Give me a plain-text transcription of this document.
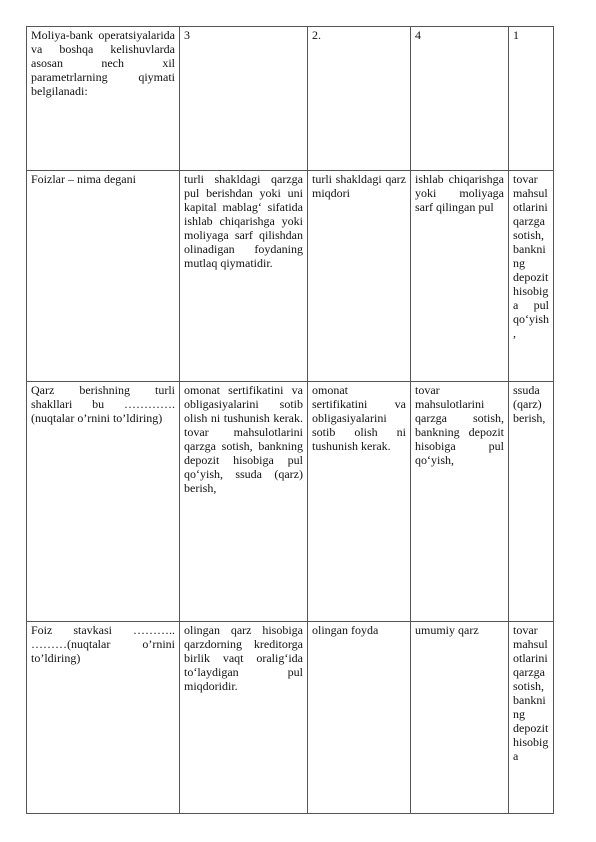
Moliya-bank operatsiyalarida va boshqa kelishuvlarda asosan nech xil parametrlarning qiymati belgilanadi:	3	2.	4	1
Foizlar – nima degani	turli shakldagi qarzga pul berishdan yoki uni kapital mablag‘ sifatida ishlab chiqarishga yoki moliyaga sarf qilishdan olinadigan foydaning mutlaq qiymatidir.	turli shakldagi qarz miqdori	ishlab chiqarishga yoki moliyaga sarf qilingan pul	tovar mahsulotlarini qarzga sotish, bankning depozit hisobiga pul qo‘yish,
Qarz berishning turli shakllari bu …………. (nuqtalar o’rnini to’ldiring)	omonat sertifikatini va obligasiyalarini sotib olish ni tushunish kerak. tovar mahsulotlarini qarzga sotish, bankning depozit hisobiga pul qo‘yish, ssuda (qarz) berish,	omonat sertifikatini va obligasiyalarini sotib olish ni tushunish kerak.	tovar mahsulotlarini qarzga sotish, bankning depozit hisobiga pul qo‘yish,	ssuda (qarz) berish,
Foiz stavkasi ……….. ………(nuqtalar o’rnini to’ldiring)	olingan qarz hisobiga qarzdorning kreditorga birlik vaqt oralig‘ida to‘laydigan pul miqdoridir.	olingan foyda	umumiy qarz	tovar mahsulotlarini qarzga sotish, bankning depozit hisobiga
